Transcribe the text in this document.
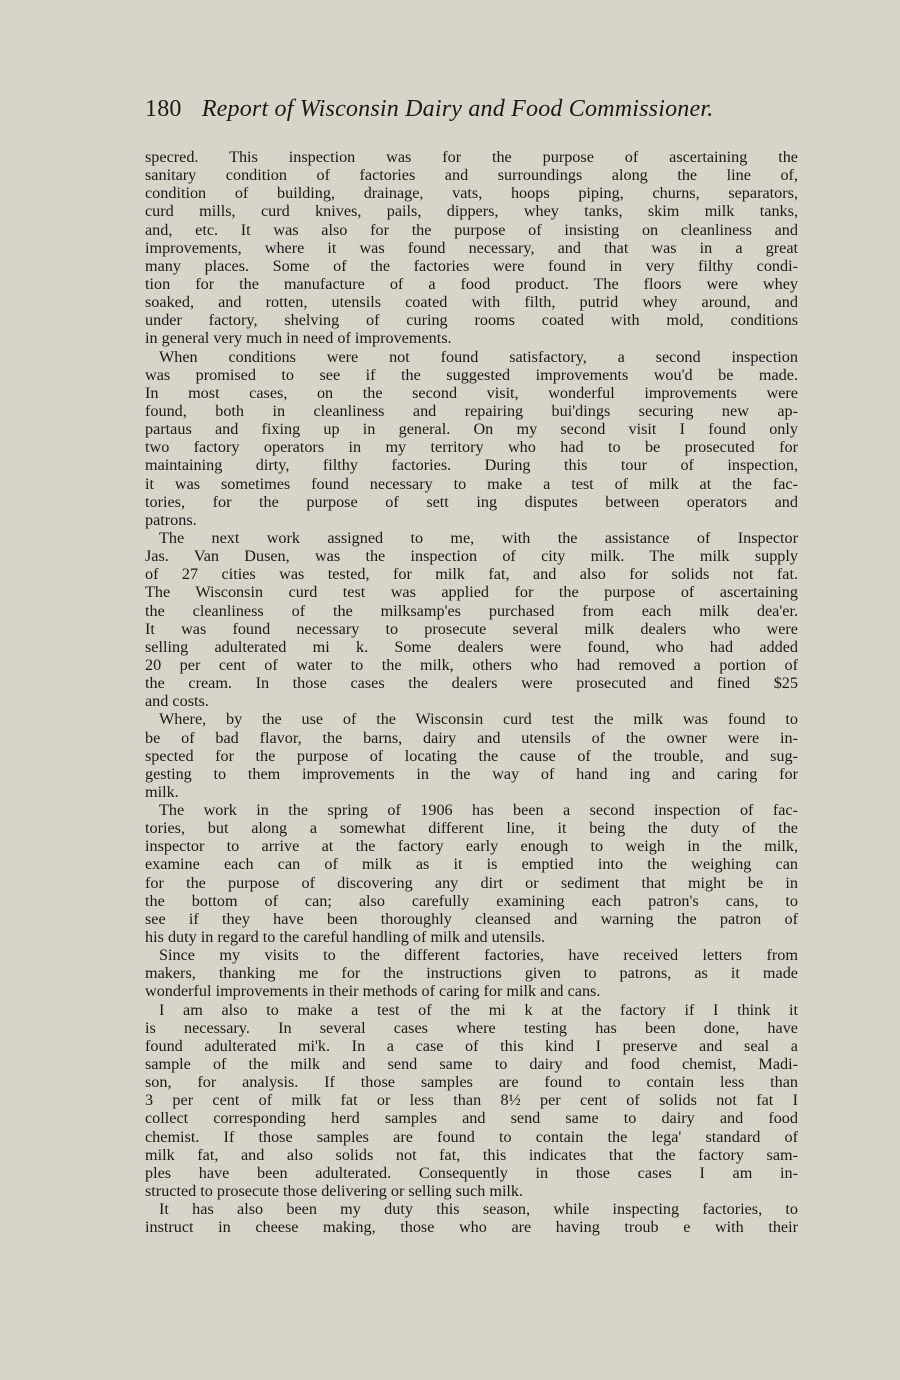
180 Report of Wisconsin Dairy and Food Commissioner.
specred. This inspection was for the purpose of ascertaining the
sanitary condition of factories and surroundings along the line of,
condition of building, drainage, vats, hoops piping, churns, separators,
curd mills, curd knives, pails, dippers, whey tanks, skim milk tanks,
and, etc. It was also for the purpose of insisting on cleanliness and
improvements, where it was found necessary, and that was in a great
many places. Some of the factories were found in very filthy condi-
tion for the manufacture of a food product. The floors were whey
soaked, and rotten, utensils coated with filth, putrid whey around, and
under factory, shelving of curing rooms coated with mold, conditions
in general very much in need of improvements.
When conditions were not found satisfactory, a second inspection
was promised to see if the suggested improvements wou'd be made.
In most cases, on the second visit, wonderful improvements were
found, both in cleanliness and repairing bui'dings securing new ap-
partaus and fixing up in general. On my second visit I found only
two factory operators in my territory who had to be prosecuted for
maintaining dirty, filthy factories. During this tour of inspection,
it was sometimes found necessary to make a test of milk at the fac-
tories, for the purpose of sett ing disputes between operators and
patrons.
The next work assigned to me, with the assistance of Inspector
Jas. Van Dusen, was the inspection of city milk. The milk supply
of 27 cities was tested, for milk fat, and also for solids not fat.
The Wisconsin curd test was applied for the purpose of ascertaining
the cleanliness of the milksamp'es purchased from each milk dea'er.
It was found necessary to prosecute several milk dealers who were
selling adulterated mi k. Some dealers were found, who had added
20 per cent of water to the milk, others who had removed a portion of
the cream. In those cases the dealers were prosecuted and fined $25
and costs.
Where, by the use of the Wisconsin curd test the milk was found to
be of bad flavor, the barns, dairy and utensils of the owner were in-
spected for the purpose of locating the cause of the trouble, and sug-
gesting to them improvements in the way of hand ing and caring for
milk.
The work in the spring of 1906 has been a second inspection of fac-
tories, but along a somewhat different line, it being the duty of the
inspector to arrive at the factory early enough to weigh in the milk,
examine each can of milk as it is emptied into the weighing can
for the purpose of discovering any dirt or sediment that might be in
the bottom of can; also carefully examining each patron's cans, to
see if they have been thoroughly cleansed and warning the patron of
his duty in regard to the careful handling of milk and utensils.
Since my visits to the different factories, have received letters from
makers, thanking me for the instructions given to patrons, as it made
wonderful improvements in their methods of caring for milk and cans.
I am also to make a test of the mi k at the factory if I think it
is necessary. In several cases where testing has been done, have
found adulterated mi'k. In a case of this kind I preserve and seal a
sample of the milk and send same to dairy and food chemist, Madi-
son, for analysis. If those samples are found to contain less than
3 per cent of milk fat or less than 8½ per cent of solids not fat I
collect corresponding herd samples and send same to dairy and food
chemist. If those samples are found to contain the lega' standard of
milk fat, and also solids not fat, this indicates that the factory sam-
ples have been adulterated. Consequently in those cases I am in-
structed to prosecute those delivering or selling such milk.
It has also been my duty this season, while inspecting factories, to
instruct in cheese making, those who are having troub e with their
